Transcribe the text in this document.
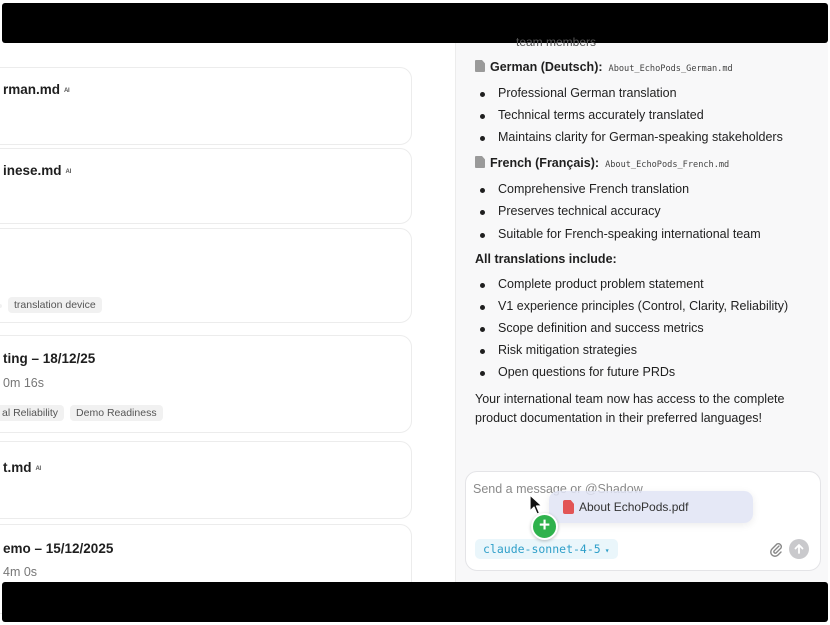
rman.md AI
inese.md AI
translation device
ting – 18/12/25
0m 16s
al Reliability Demo Readiness
t.md AI
emo – 15/12/2025
4m 0s
team members
German (Deutsch): About_EchoPods_German.md
Professional German translation
Technical terms accurately translated
Maintains clarity for German-speaking stakeholders
French (Français): About_EchoPods_French.md
Comprehensive French translation
Preserves technical accuracy
Suitable for French-speaking international team
All translations include:
Complete product problem statement
V1 experience principles (Control, Clarity, Reliability)
Scope definition and success metrics
Risk mitigation strategies
Open questions for future PRDs
Your international team now has access to the complete product documentation in their preferred languages!
Send a message or @Shadow
claude-sonnet-4-5 ▾
About EchoPods.pdf
+
